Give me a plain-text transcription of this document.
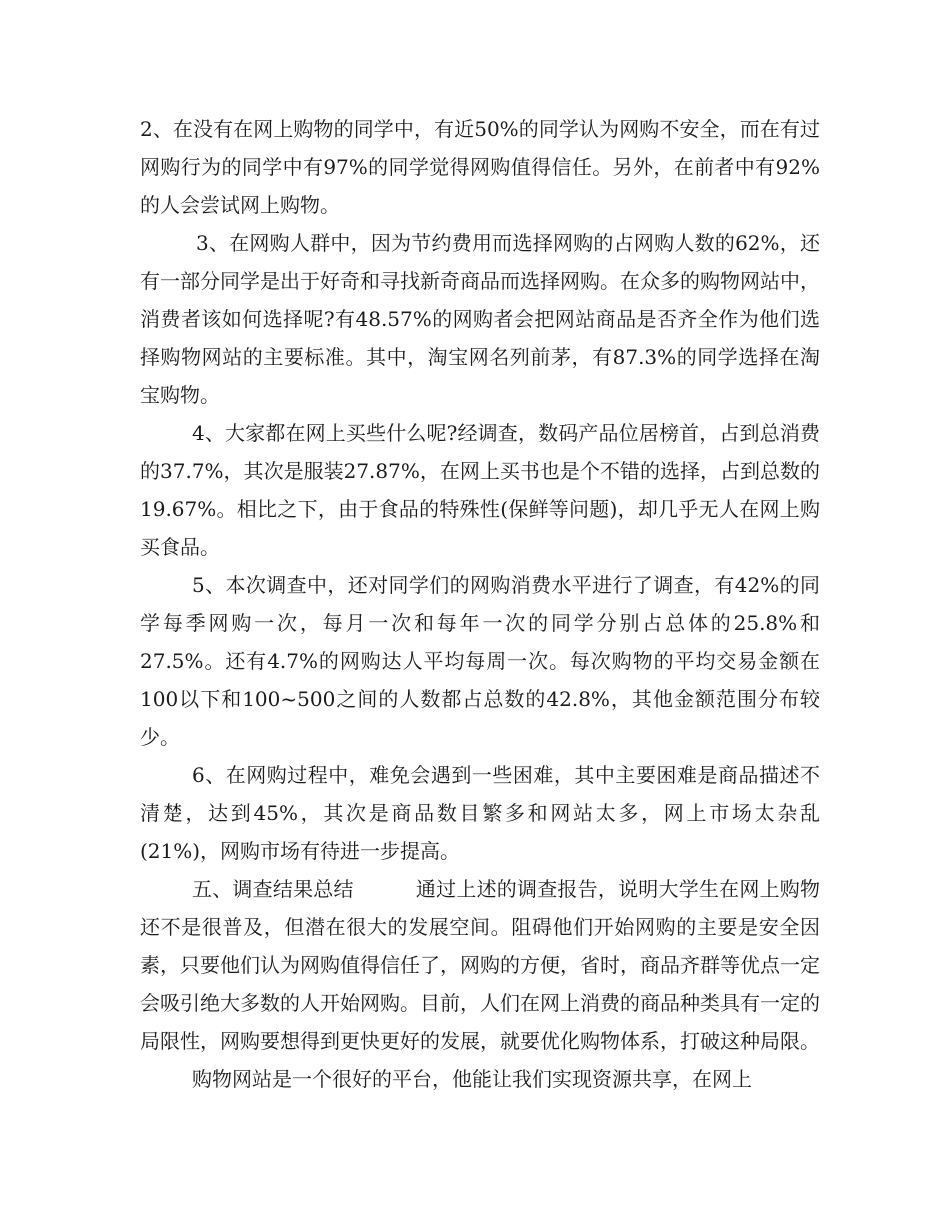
2、在没有在网上购物的同学中，有近50%的同学认为网购不安全，而在有过网购行为的同学中有97%的同学觉得网购值得信任。另外，在前者中有92%的人会尝试网上购物。

3、在网购人群中，因为节约费用而选择网购的占网购人数的62%，还有一部分同学是出于好奇和寻找新奇商品而选择网购。在众多的购物网站中，消费者该如何选择呢?有48.57%的网购者会把网站商品是否齐全作为他们选择购物网站的主要标准。其中，淘宝网名列前茅，有87.3%的同学选择在淘宝购物。

4、大家都在网上买些什么呢?经调查，数码产品位居榜首，占到总消费的37.7%，其次是服装27.87%，在网上买书也是个不错的选择，占到总数的19.67%。相比之下，由于食品的特殊性(保鲜等问题)，却几乎无人在网上购买食品。

5、本次调查中，还对同学们的网购消费水平进行了调查，有42%的同学每季网购一次，每月一次和每年一次的同学分别占总体的25.8%和27.5%。还有4.7%的网购达人平均每周一次。每次购物的平均交易金额在100以下和100~500之间的人数都占总数的42.8%，其他金额范围分布较少。

6、在网购过程中，难免会遇到一些困难，其中主要困难是商品描述不清楚，达到45%，其次是商品数目繁多和网站太多，网上市场太杂乱(21%)，网购市场有待进一步提高。

五、调查结果总结	通过上述的调查报告，说明大学生在网上购物还不是很普及，但潜在很大的发展空间。阻碍他们开始网购的主要是安全因素，只要他们认为网购值得信任了，网购的方便，省时，商品齐群等优点一定会吸引绝大多数的人开始网购。目前，人们在网上消费的商品种类具有一定的局限性，网购要想得到更快更好的发展，就要优化购物体系，打破这种局限。

购物网站是一个很好的平台，他能让我们实现资源共享，在网上
